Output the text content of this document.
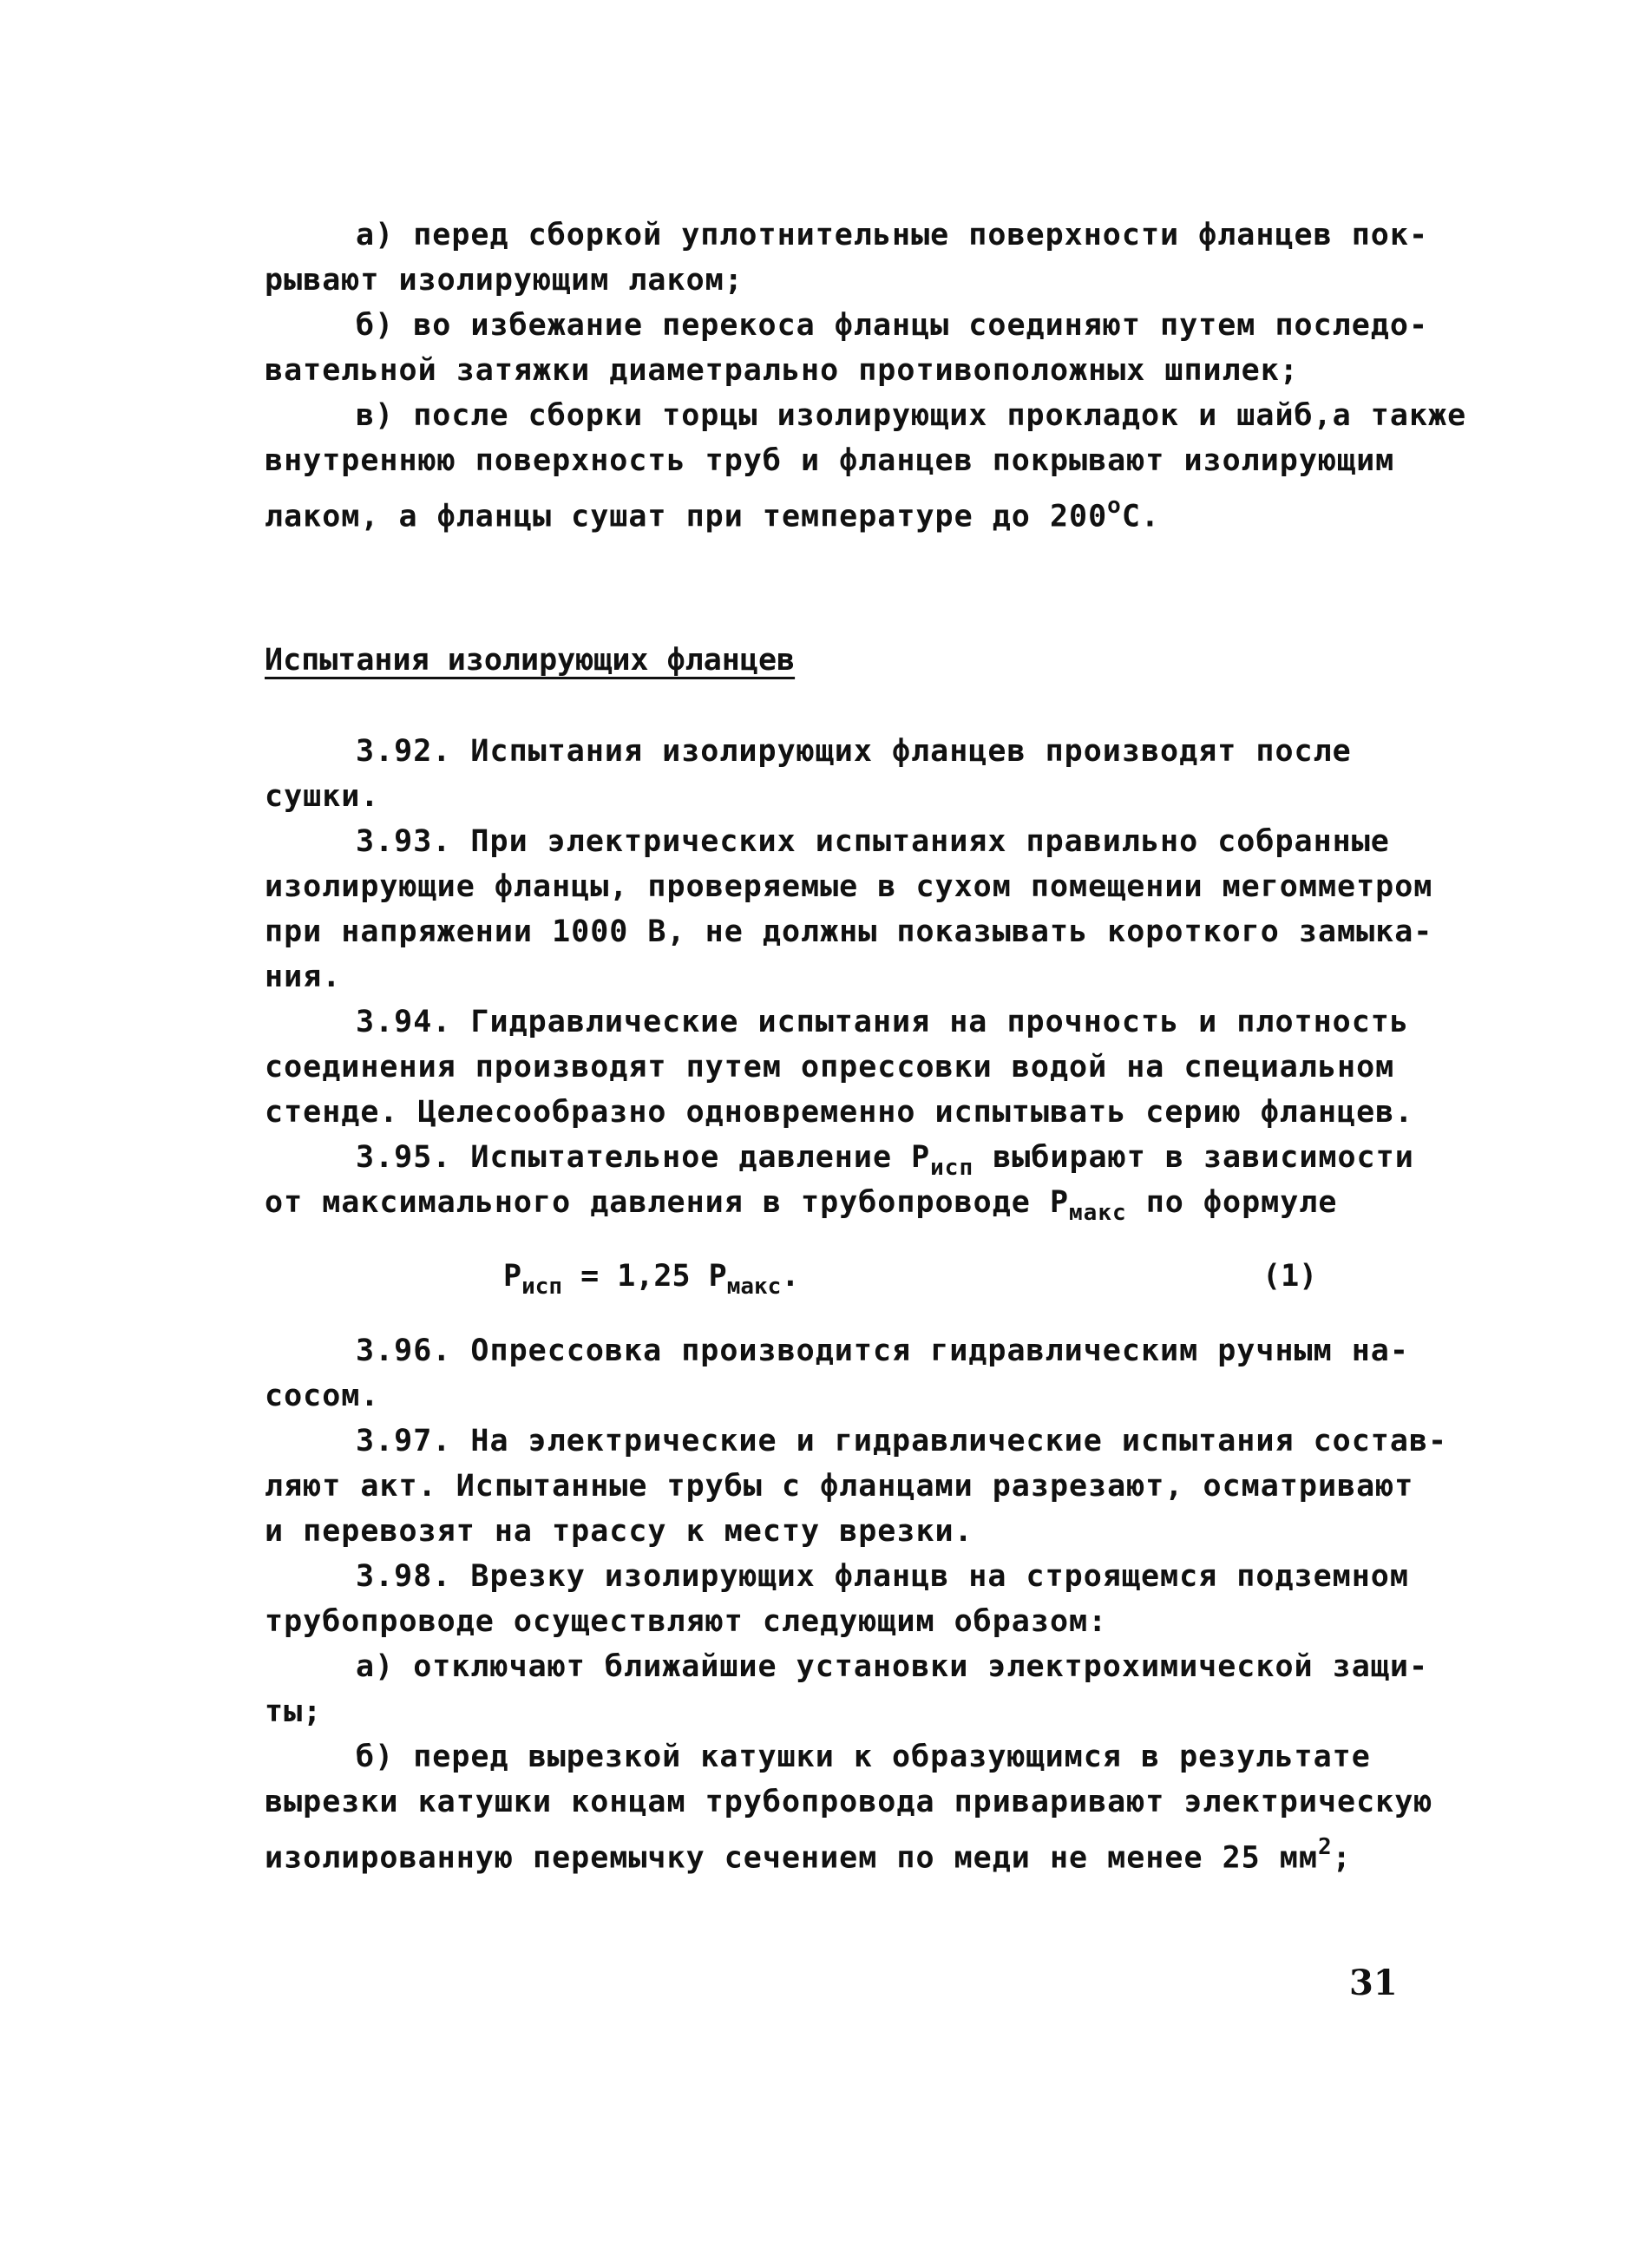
а) перед сборкой уплотнительные поверхности фланцев пок-
рывают изолирующим лаком;
б) во избежание перекоса фланцы соединяют путем последо-
вательной затяжки диаметрально противоположных шпилек;
в) после сборки торцы изолирующих прокладок и шайб,а также
внутреннюю поверхность труб и фланцев покрывают изолирующим
лаком, а фланцы сушат при температуре до $200^оС$.
Испытания изолирующих фланцев
3.92. Испытания изолирующих фланцев производят после
сушки.
3.93. При электрических испытаниях правильно собранные
изолирующие фланцы, проверяемые в сухом помещении мегомметром
при напряжении 1000 В, не должны показывать короткого замыка-
ния.
3.94. Гидравлические испытания на прочность и плотность
соединения производят путем опрессовки водой на специальном
стенде. Целесообразно одновременно испытывать серию фланцев.
3.95. Испытательное давление $Р_{исп}$ выбирают в зависимости
от максимального давления в трубопроводе $Р_{макс}$ по формуле
$Р_{исп} = 1,25$ $Р_{макс}$.	(1)
3.96. Опрессовка производится гидравлическим ручным на-
сосом.
3.97. На электрические и гидравлические испытания состав-
ляют акт. Испытанные трубы с фланцами разрезают, осматривают
и перевозят на трассу к месту врезки.
3.98. Врезку изолирующих фланцв на строящемся подземном
трубопроводе осуществляют следующим образом:
а) отключают ближайшие установки электрохимической защи-
ты;
б) перед вырезкой катушки к образующимся в результате
вырезки катушки концам трубопровода приваривают электрическую
изолированную перемычку сечением по меди не менее 25 $мм^2$;
31
